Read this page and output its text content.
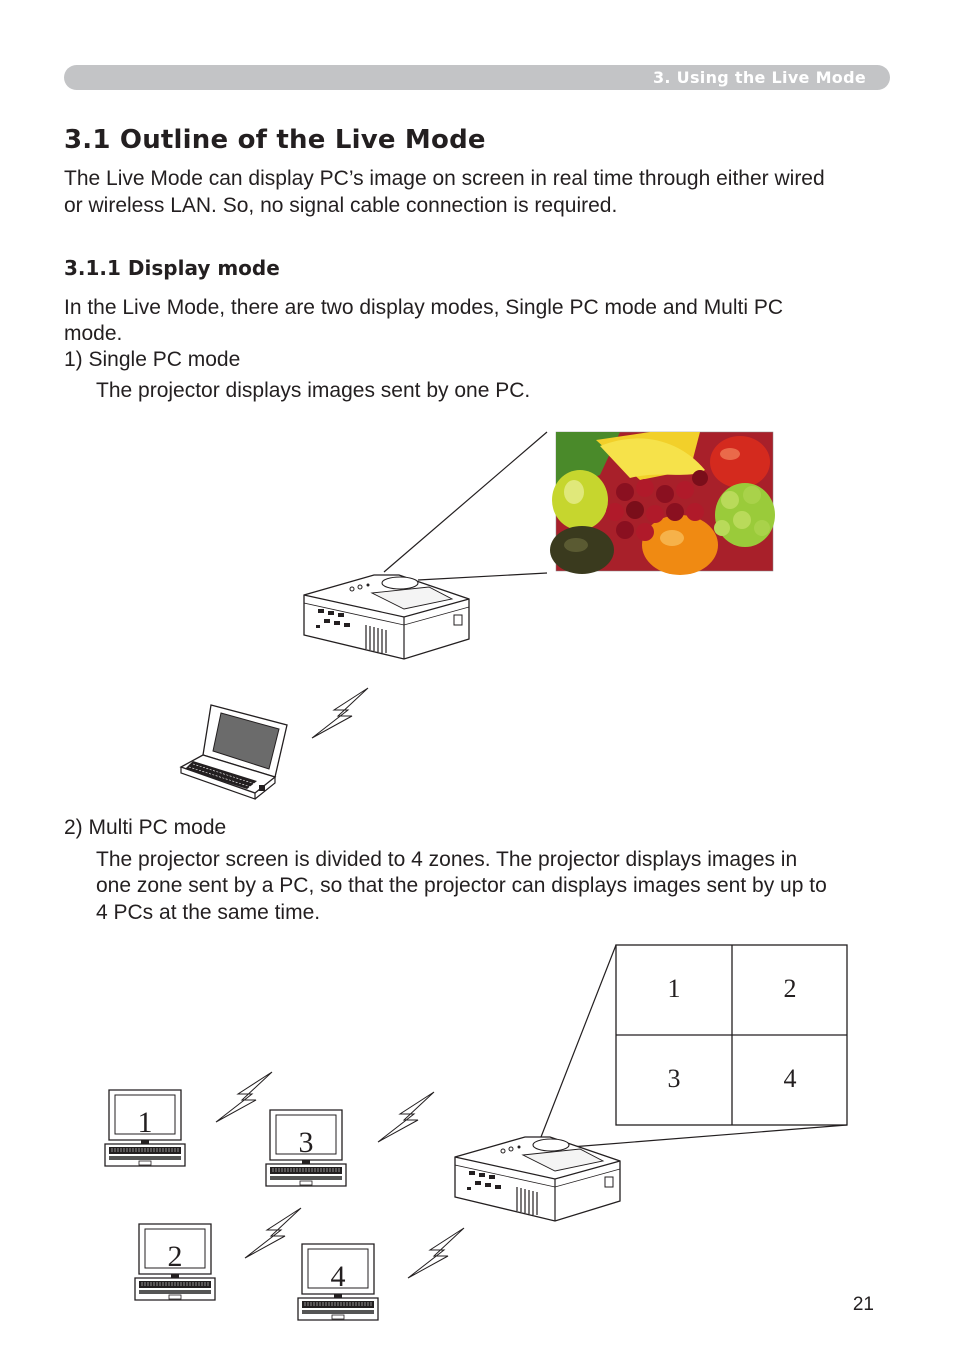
3. Using the Live Mode
3.1 Outline of the Live Mode

The Live Mode can display PC’s image on screen in real time through either wired

or wireless LAN. So, no signal cable connection is required.

3.1.1 Display mode

In the Live Mode, there are two display modes, Single PC mode and Multi PC

mode.

1) Single PC mode

The projector displays images sent by one PC.

2) Multi PC mode

The projector screen is divided to 4 zones. The projector displays images in

one zone sent by a PC, so that the projector can displays images sent by up to

4 PCs at the same time.

21
1	2
3	4
1
3
2
4
